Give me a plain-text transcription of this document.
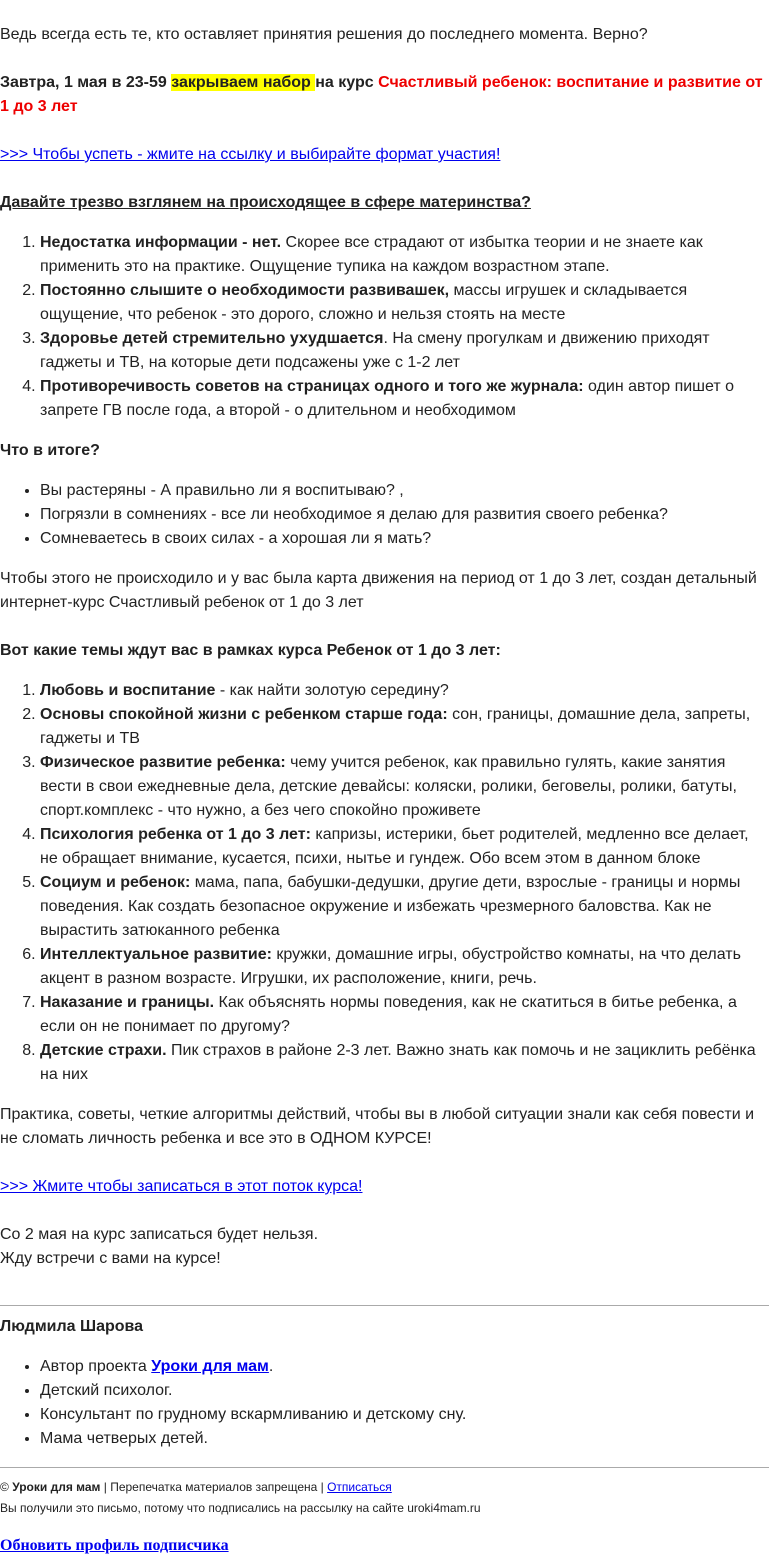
Ведь всегда есть те, кто оставляет принятия решения до последнего момента. Верно?

Завтра, 1 мая в 23-59 закрываем набор на курс Счастливый ребенок: воспитание и развитие от 1 до 3 лет

>>> Чтобы успеть - жмите на ссылку и выбирайте формат участия!

Давайте трезво взглянем на происходящее в сфере материнства?
1. Недостатка информации - нет. Скорее все страдают от избытка теории и не знаете как применить это на практике. Ощущение тупика на каждом возрастном этапе.
2. Постоянно слышите о необходимости развивашек, массы игрушек и складывается ощущение, что ребенок - это дорого, сложно и нельзя стоять на месте
3. Здоровье детей стремительно ухудшается. На смену прогулкам и движению приходят гаджеты и ТВ, на которые дети подсажены уже с 1-2 лет
4. Противоречивость советов на страницах одного и того же журнала: один автор пишет о запрете ГВ после года, а второй - о длительном и необходимом
Что в итоге?
• Вы растеряны - А правильно ли я воспитываю? ,
• Погрязли в сомнениях - все ли необходимое я делаю для развития своего ребенка?
• Сомневаетесь в своих силах - а хорошая ли я мать?

Чтобы этого не происходило и у вас была карта движения на период от 1 до 3 лет, создан детальный интернет-курс Счастливый ребенок от 1 до 3 лет

Вот какие темы ждут вас в рамках курса Ребенок от 1 до 3 лет:
1. Любовь и воспитание - как найти золотую середину?
2. Основы спокойной жизни с ребенком старше года: сон, границы, домашние дела, запреты, гаджеты и ТВ
3. Физическое развитие ребенка: чему учится ребенок, как правильно гулять, какие занятия вести в свои ежедневные дела, детские девайсы: коляски, ролики, беговелы, ролики, батуты, спорт.комплекс - что нужно, а без чего спокойно проживете
4. Психология ребенка от 1 до 3 лет: капризы, истерики, бьет родителей, медленно все делает, не обращает внимание, кусается, психи, нытье и гундеж. Обо всем этом в данном блоке
5. Социум и ребенок: мама, папа, бабушки-дедушки, другие дети, взрослые - границы и нормы поведения. Как создать безопасное окружение и избежать чрезмерного баловства. Как не вырастить затюканного ребенка
6. Интеллектуальное развитие: кружки, домашние игры, обустройство комнаты, на что делать акцент в разном возрасте. Игрушки, их расположение, книги, речь.
7. Наказание и границы. Как объяснять нормы поведения, как не скатиться в битье ребенка, а если он не понимает по другому?
8. Детские страхи. Пик страхов в районе 2-3 лет. Важно знать как помочь и не зациклить ребёнка на них

Практика, советы, четкие алгоритмы действий, чтобы вы в любой ситуации знали как себя повести и не сломать личность ребенка и все это в ОДНОМ КУРСЕ!

>>> Жмите чтобы записаться в этот поток курса!

Со 2 мая на курс записаться будет нельзя.
Жду встречи с вами на курсе!

Людмила Шарова
• Автор проекта Уроки для мам.
• Детский психолог.
• Консультант по грудному вскармливанию и детскому сну.
• Мама четверых детей.
© Уроки для мам | Перепечатка материалов запрещена | Отписаться
Вы получили это письмо, потому что подписались на рассылку на сайте uroki4mam.ru
Обновить профиль подписчика
